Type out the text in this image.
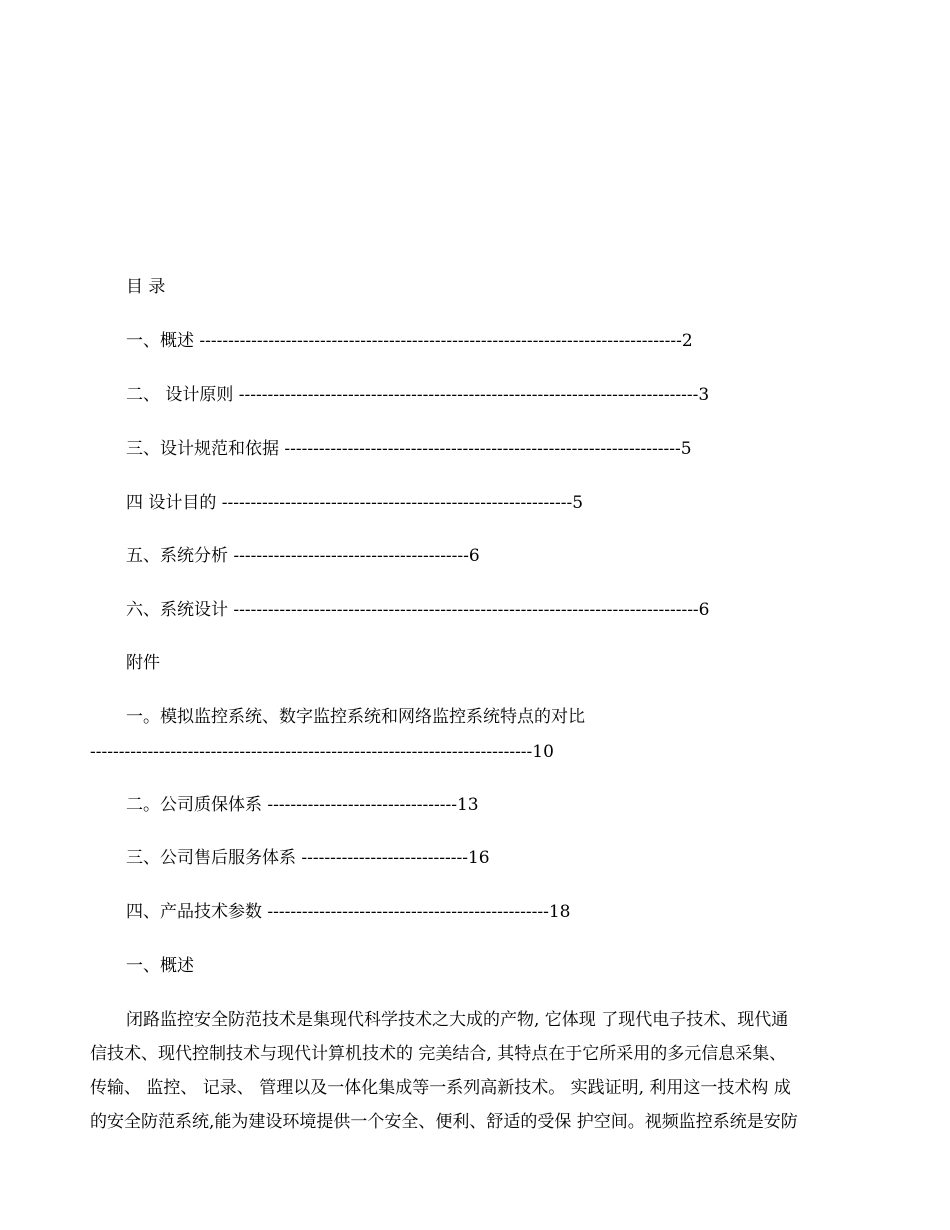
目 录
一、概述 ------------------------------------------------------------------------------------2
二、 设计原则 --------------------------------------------------------------------------------3
三、设计规范和依据 ---------------------------------------------------------------------5
四 设计目的 -------------------------------------------------------------5
五、系统分析 -----------------------------------------6
六、系统设计 ---------------------------------------------------------------------------------6
附件
一。模拟监控系统、数字监控系统和网络监控系统特点的对比
-----------------------------------------------------------------------------10
二。公司质保体系 ---------------------------------13
三、公司售后服务体系 -----------------------------16
四、产品技术参数 -------------------------------------------------18
一、概述
闭路监控安全防范技术是集现代科学技术之大成的产物, 它体现 了现代电子技术、现代通
信技术、现代控制技术与现代计算机技术的 完美结合, 其特点在于它所采用的多元信息采集、
传输、 监控、 记录、 管理以及一体化集成等一系列高新技术。 实践证明, 利用这一技术构 成
的安全防范系统,能为建设环境提供一个安全、便利、舒适的受保 护空间。视频监控系统是安防
